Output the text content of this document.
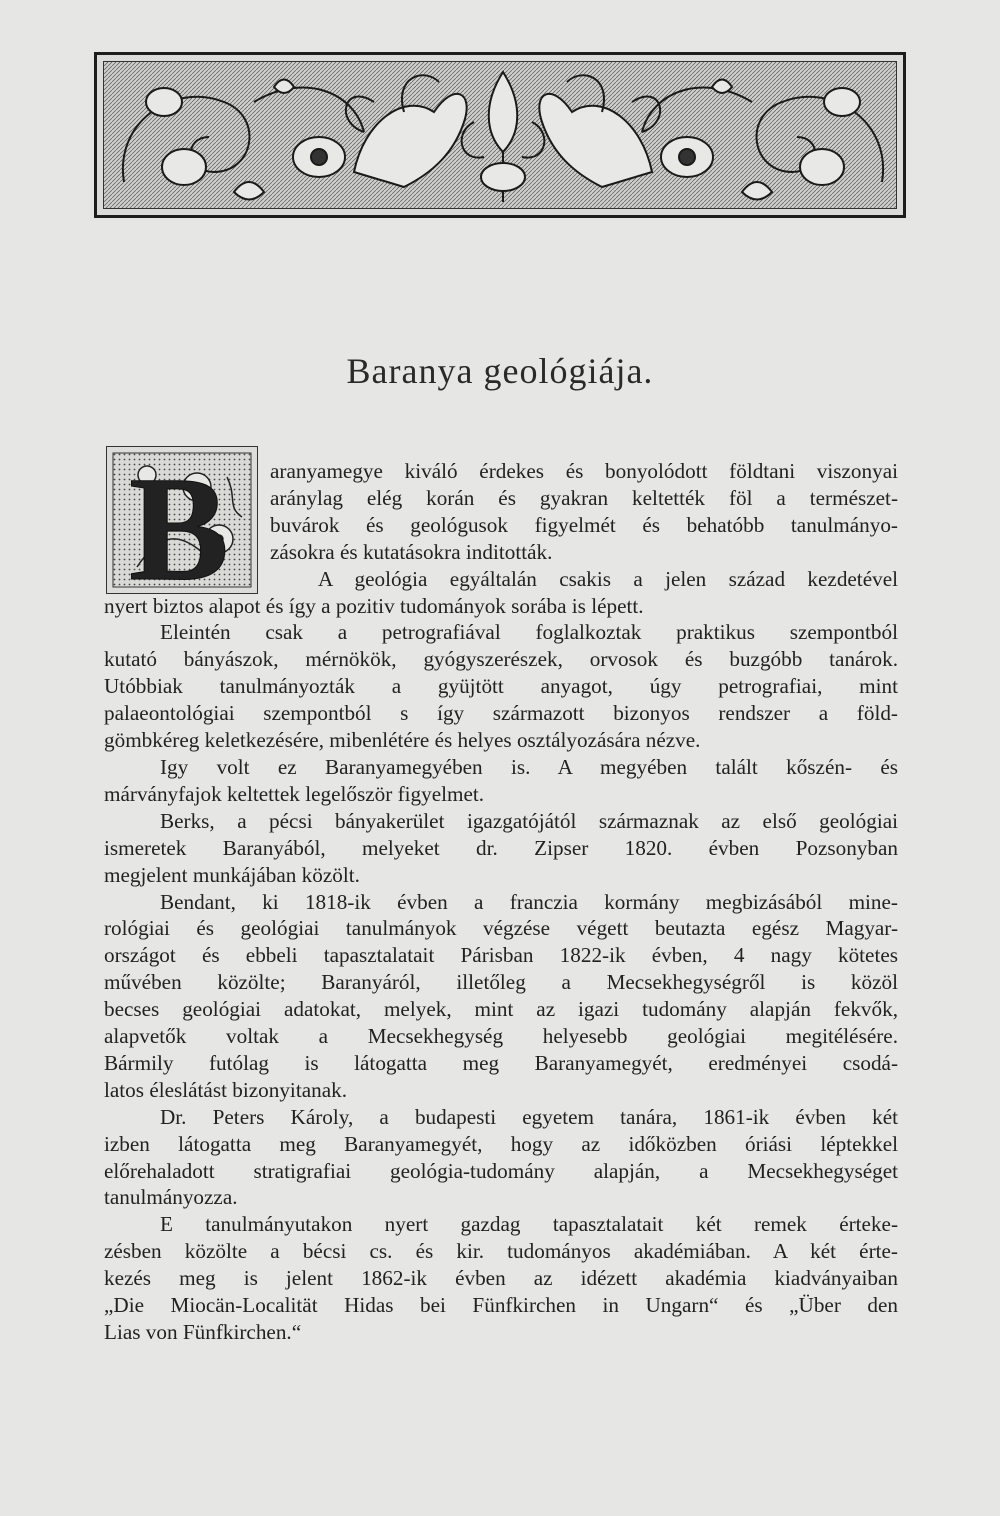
Baranya geológiája.
B	aranyamegye kiváló érdekes és bonyolódott földtani viszonyai
aránylag elég korán és gyakran keltették föl a természet-
buvárok és geológusok figyelmét és behatóbb tanulmányo-
zásokra és kutatásokra inditották.

A geológia egyáltalán csakis a jelen század kezdetével
nyert biztos alapot és így a pozitiv tudományok sorába is lépett.

Eleintén csak a petrografiával foglalkoztak praktikus szempontból
kutató bányászok, mérnökök, gyógyszerészek, orvosok és buzgóbb tanárok.
Utóbbiak tanulmányozták a gyüjtött anyagot, úgy petrografiai, mint
palaeontológiai szempontból s így származott bizonyos rendszer a föld-
gömbkéreg keletkezésére, mibenlétére és helyes osztályozására nézve.

Igy volt ez Baranyamegyében is. A megyében talált kőszén- és
márványfajok keltettek legelőször figyelmet.

Berks, a pécsi bányakerület igazgatójától származnak az első geológiai
ismeretek Baranyából, melyeket dr. Zipser 1820. évben Pozsonyban
megjelent munkájában közölt.

Bendant, ki 1818-ik évben a franczia kormány megbizásából mine-
rológiai és geológiai tanulmányok végzése végett beutazta egész Magyar-
országot és ebbeli tapasztalatait Párisban 1822-ik évben, 4 nagy kötetes
művében közölte; Baranyáról, illetőleg a Mecsekhegységről is közöl
becses geológiai adatokat, melyek, mint az igazi tudomány alapján fekvők,
alapvetők voltak a Mecsekhegység helyesebb geológiai megitélésére.
Bármily futólag is látogatta meg Baranyamegyét, eredményei csodá-
latos éleslátást bizonyitanak.

Dr. Peters Károly, a budapesti egyetem tanára, 1861-ik évben két
izben látogatta meg Baranyamegyét, hogy az időközben óriási léptekkel
előrehaladott stratigrafiai geológia-tudomány alapján, a Mecsekhegységet
tanulmányozza.

E tanulmányutakon nyert gazdag tapasztalatait két remek érteke-
zésben közölte a bécsi cs. és kir. tudományos akadémiában. A két érte-
kezés meg is jelent 1862-ik évben az idézett akadémia kiadványaiban
„Die Miocän-Localität Hidas bei Fünfkirchen in Ungarn“ és „Über den
Lias von Fünfkirchen.“
